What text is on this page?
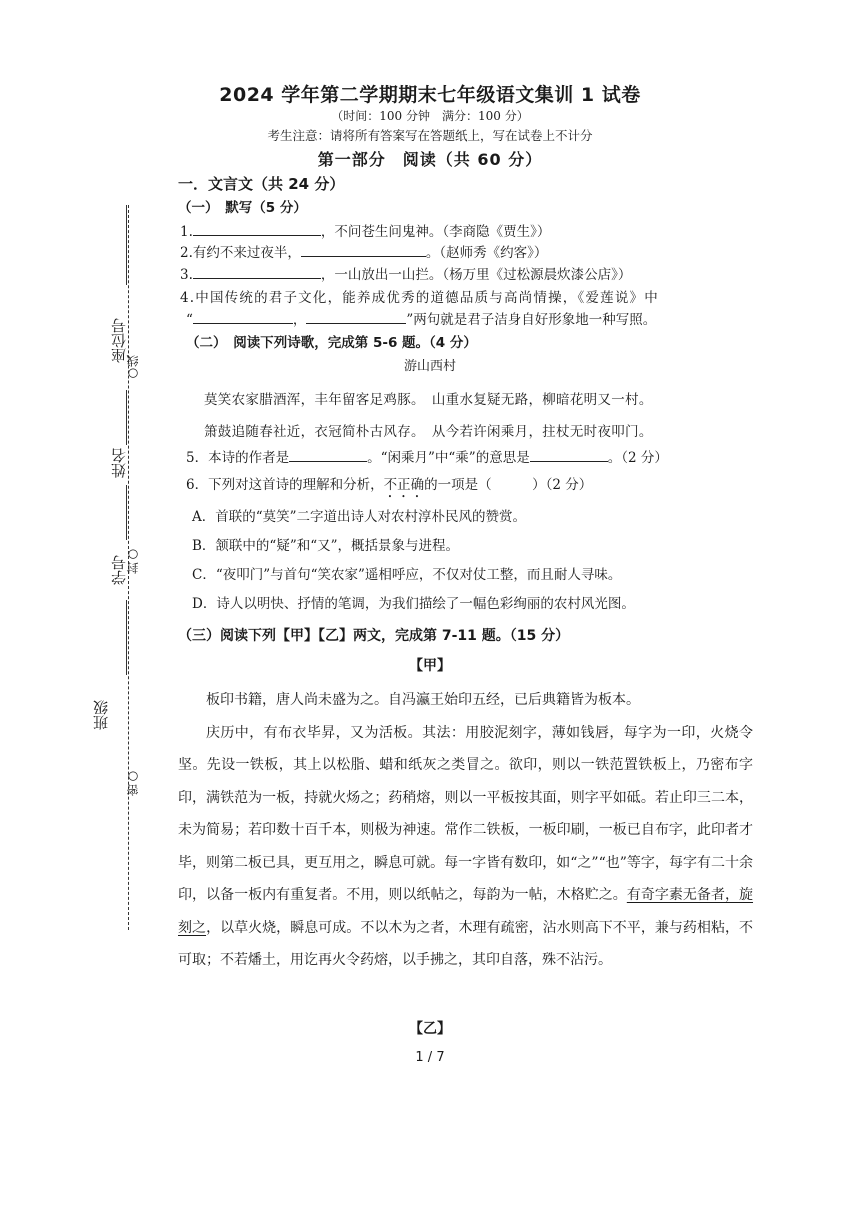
座位号
○线
姓名
学号
封○
班级
密○
2024 学年第二学期期末七年级语文集训 1 试卷
（时间：100 分钟　满分：100 分）
考生注意：请将所有答案写在答题纸上，写在试卷上不计分
第一部分　阅读（共 60 分）
一．文言文（共 24 分）
（一）　默写（5 分）
1.	，不问苍生问鬼神。（李商隐《贾生》）
2.有约不来过夜半，	。（赵师秀《约客》）
3.	，一山放出一山拦。（杨万里《过松源晨炊漆公店》）
4.中国传统的君子文化，能养成优秀的道德品质与高尚情操，《爱莲说》中
“	，	”两句就是君子洁身自好形象地一种写照。
（二）　阅读下列诗歌，完成第 5-6 题。（4 分）
游山西村
莫笑农家腊酒浑，丰年留客足鸡豚。　山重水复疑无路，柳暗花明又一村。
箫鼓追随春社近，衣冠简朴古风存。　从今若许闲乘月，拄杖无时夜叩门。
5．本诗的作者是	。“闲乘月”中“乘”的意思是	。（2 分）
6．下列对这首诗的理解和分析，不正确的一项是（　　　）（2 分）
A．首联的“莫笑”二字道出诗人对农村淳朴民风的赞赏。
B．颔联中的“疑”和“又”，概括景象与进程。
C．“夜叩门”与首句“笑农家”遥相呼应，不仅对仗工整，而且耐人寻味。
D．诗人以明快、抒情的笔调，为我们描绘了一幅色彩绚丽的农村风光图。
（三）阅读下列【甲】【乙】两文，完成第 7-11 题。（15 分）
【甲】

板印书籍，唐人尚未盛为之。自冯瀛王始印五经，已后典籍皆为板本。

庆历中，有布衣毕昇，又为活板。其法：用胶泥刻字，薄如钱唇，每字为一印，火烧令坚。先设一铁板，其上以松脂、蜡和纸灰之类冒之。欲印，则以一铁范置铁板上，乃密布字印，满铁范为一板，持就火炀之；药稍熔，则以一平板按其面，则字平如砥。若止印三二本，未为简易；若印数十百千本，则极为神速。常作二铁板，一板印刷，一板已自布字，此印者才毕，则第二板已具，更互用之，瞬息可就。每一字皆有数印，如“之”“也”等字，每字有二十余印，以备一板内有重复者。不用，则以纸帖之，每韵为一帖，木格贮之。有奇字素无备者，旋刻之，以草火烧，瞬息可成。不以木为之者，木理有疏密，沾水则高下不平，兼与药相粘，不可取；不若燔土，用讫再火令药熔，以手拂之，其印自落，殊不沾污。

【乙】
1 / 7
